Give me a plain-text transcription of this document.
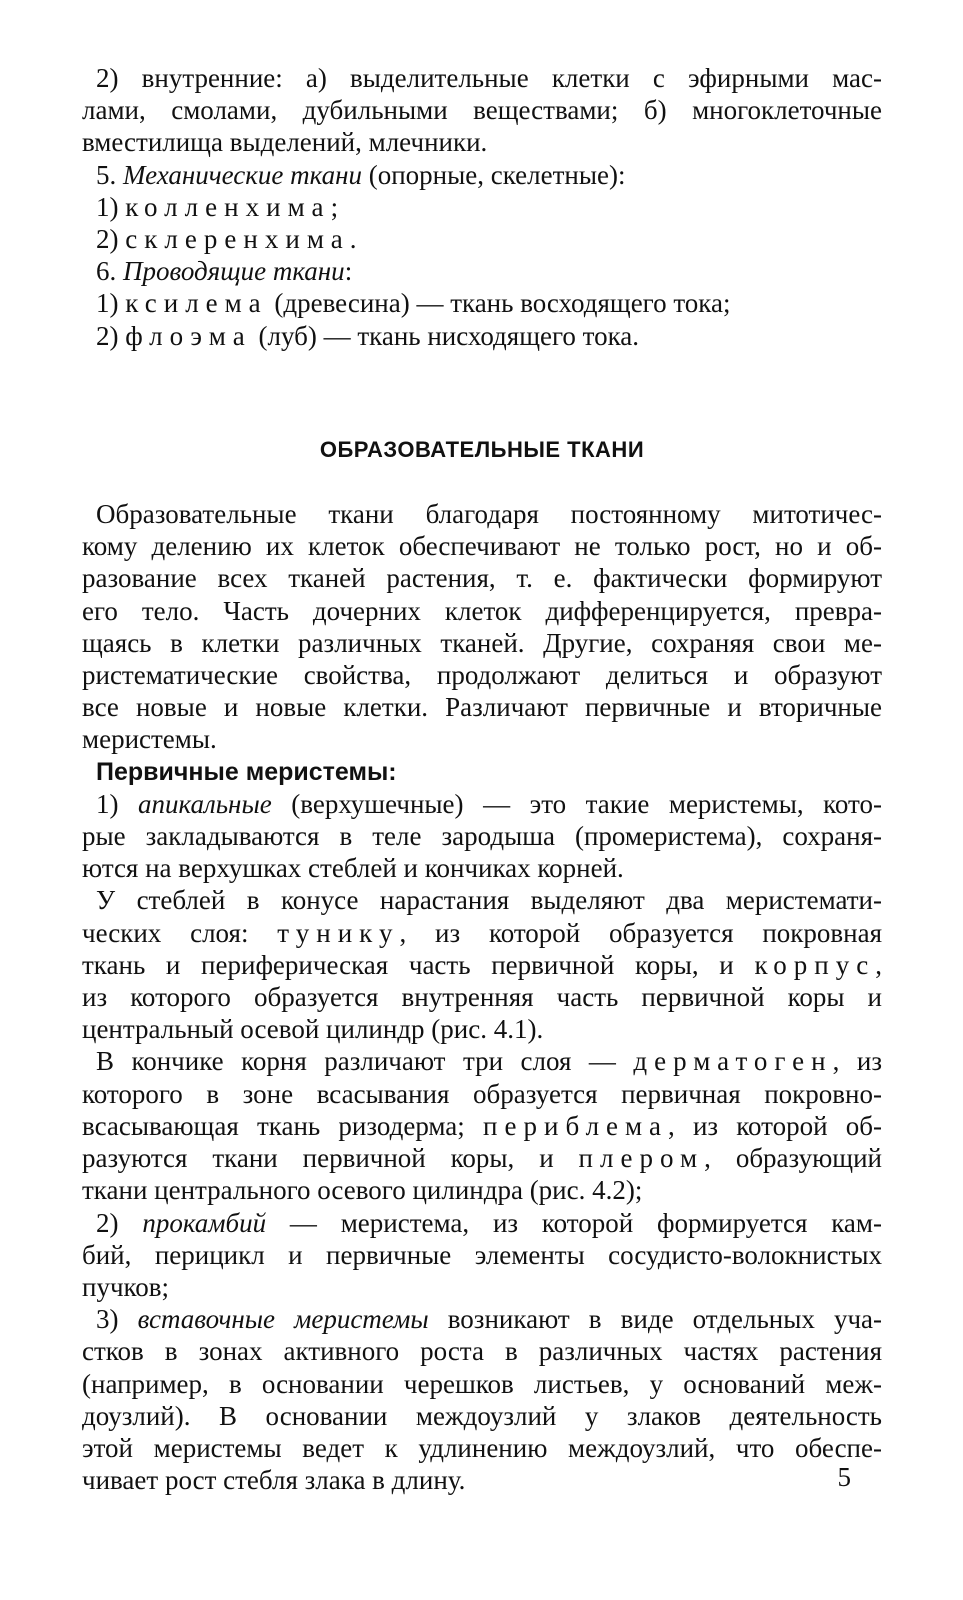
2) внутренние: а) выделительные клетки с эфирными мас-

лами, смолами, дубильными веществами; б) многоклеточные

вместилища выделений, млечники.

5. Механические ткани (опорные, скелетные):

1) колленхима;

2) склеренхима.

6. Проводящие ткани:

1) ксилема (древесина) — ткань восходящего тока;

2) флоэма (луб) — ткань нисходящего тока.

ОБРАЗОВАТЕЛЬНЫЕ ТКАНИ

Образовательные ткани благодаря постоянному митотичес-

кому делению их клеток обеспечивают не только рост, но и об-

разование всех тканей растения, т. е. фактически формируют

его тело. Часть дочерних клеток дифференцируется, превра-

щаясь в клетки различных тканей. Другие, сохраняя свои ме-

ристематические свойства, продолжают делиться и образуют

все новые и новые клетки. Различают первичные и вторичные

меристемы.

Первичные меристемы:

1) апикальные (верхушечные) — это такие меристемы, кото-

рые закладываются в теле зародыша (промеристема), сохраня-

ются на верхушках стеблей и кончиках корней.

У стеблей в конусе нарастания выделяют два меристемати-

ческих слоя: тунику, из которой образуется покровная

ткань и периферическая часть первичной коры, и корпус,

из которого образуется внутренняя часть первичной коры и

центральный осевой цилиндр (рис. 4.1).

В кончике корня различают три слоя — дерматоген, из

которого в зоне всасывания образуется первичная покровно-

всасывающая ткань ризодерма; периблема, из которой об-

разуются ткани первичной коры, и плером, образующий

ткани центрального осевого цилиндра (рис. 4.2);

2) прокамбий — меристема, из которой формируется кам-

бий, перицикл и первичные элементы сосудисто-волокнистых

пучков;

3) вставочные меристемы возникают в виде отдельных уча-

стков в зонах активного роста в различных частях растения

(например, в основании черешков листьев, у оснований меж-

доузлий). В основании междоузлий у злаков деятельность

этой меристемы ведет к удлинению междоузлий, что обеспе-

чивает рост стебля злака в длину.	5
